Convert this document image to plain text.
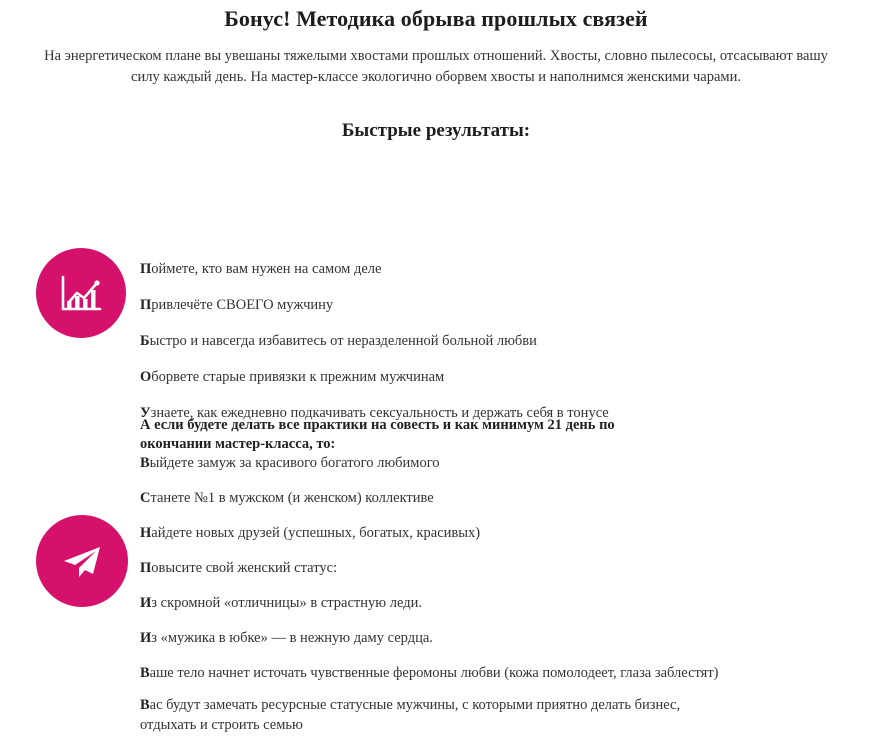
Бонус! Методика обрыва прошлых связей

На энергетическом плане вы увешаны тяжелыми хвостами прошлых отношений. Хвосты, словно пылесосы, отсасывают вашу силу каждый день. На мастер-классе экологично оборвем хвосты и наполнимся женскими чарами.

Быстрые результаты:
Поймете, кто вам нужен на самом деле
Привлечёте СВОЕГО мужчину
Быстро и навсегда избавитесь от неразделенной больной любви
Оборвете старые привязки к прежним мужчинам
Узнаете, как ежедневно подкачивать сексуальность и держать себя в тонусе
А если будете делать все практики на совесть и как минимум 21 день по окончании мастер-класса, то:
Выйдете замуж за красивого богатого любимого
Станете №1 в мужском (и женском) коллективе
Найдете новых друзей (успешных, богатых, красивых)
Повысите свой женский статус:
Из скромной «отличницы» в страстную леди.
Из «мужика в юбке» — в нежную даму сердца.
Ваше тело начнет источать чувственные феромоны любви (кожа помолодеет, глаза заблестят)
Вас будут замечать ресурсные статусные мужчины, с которыми приятно делать бизнес, отдыхать и строить семью
